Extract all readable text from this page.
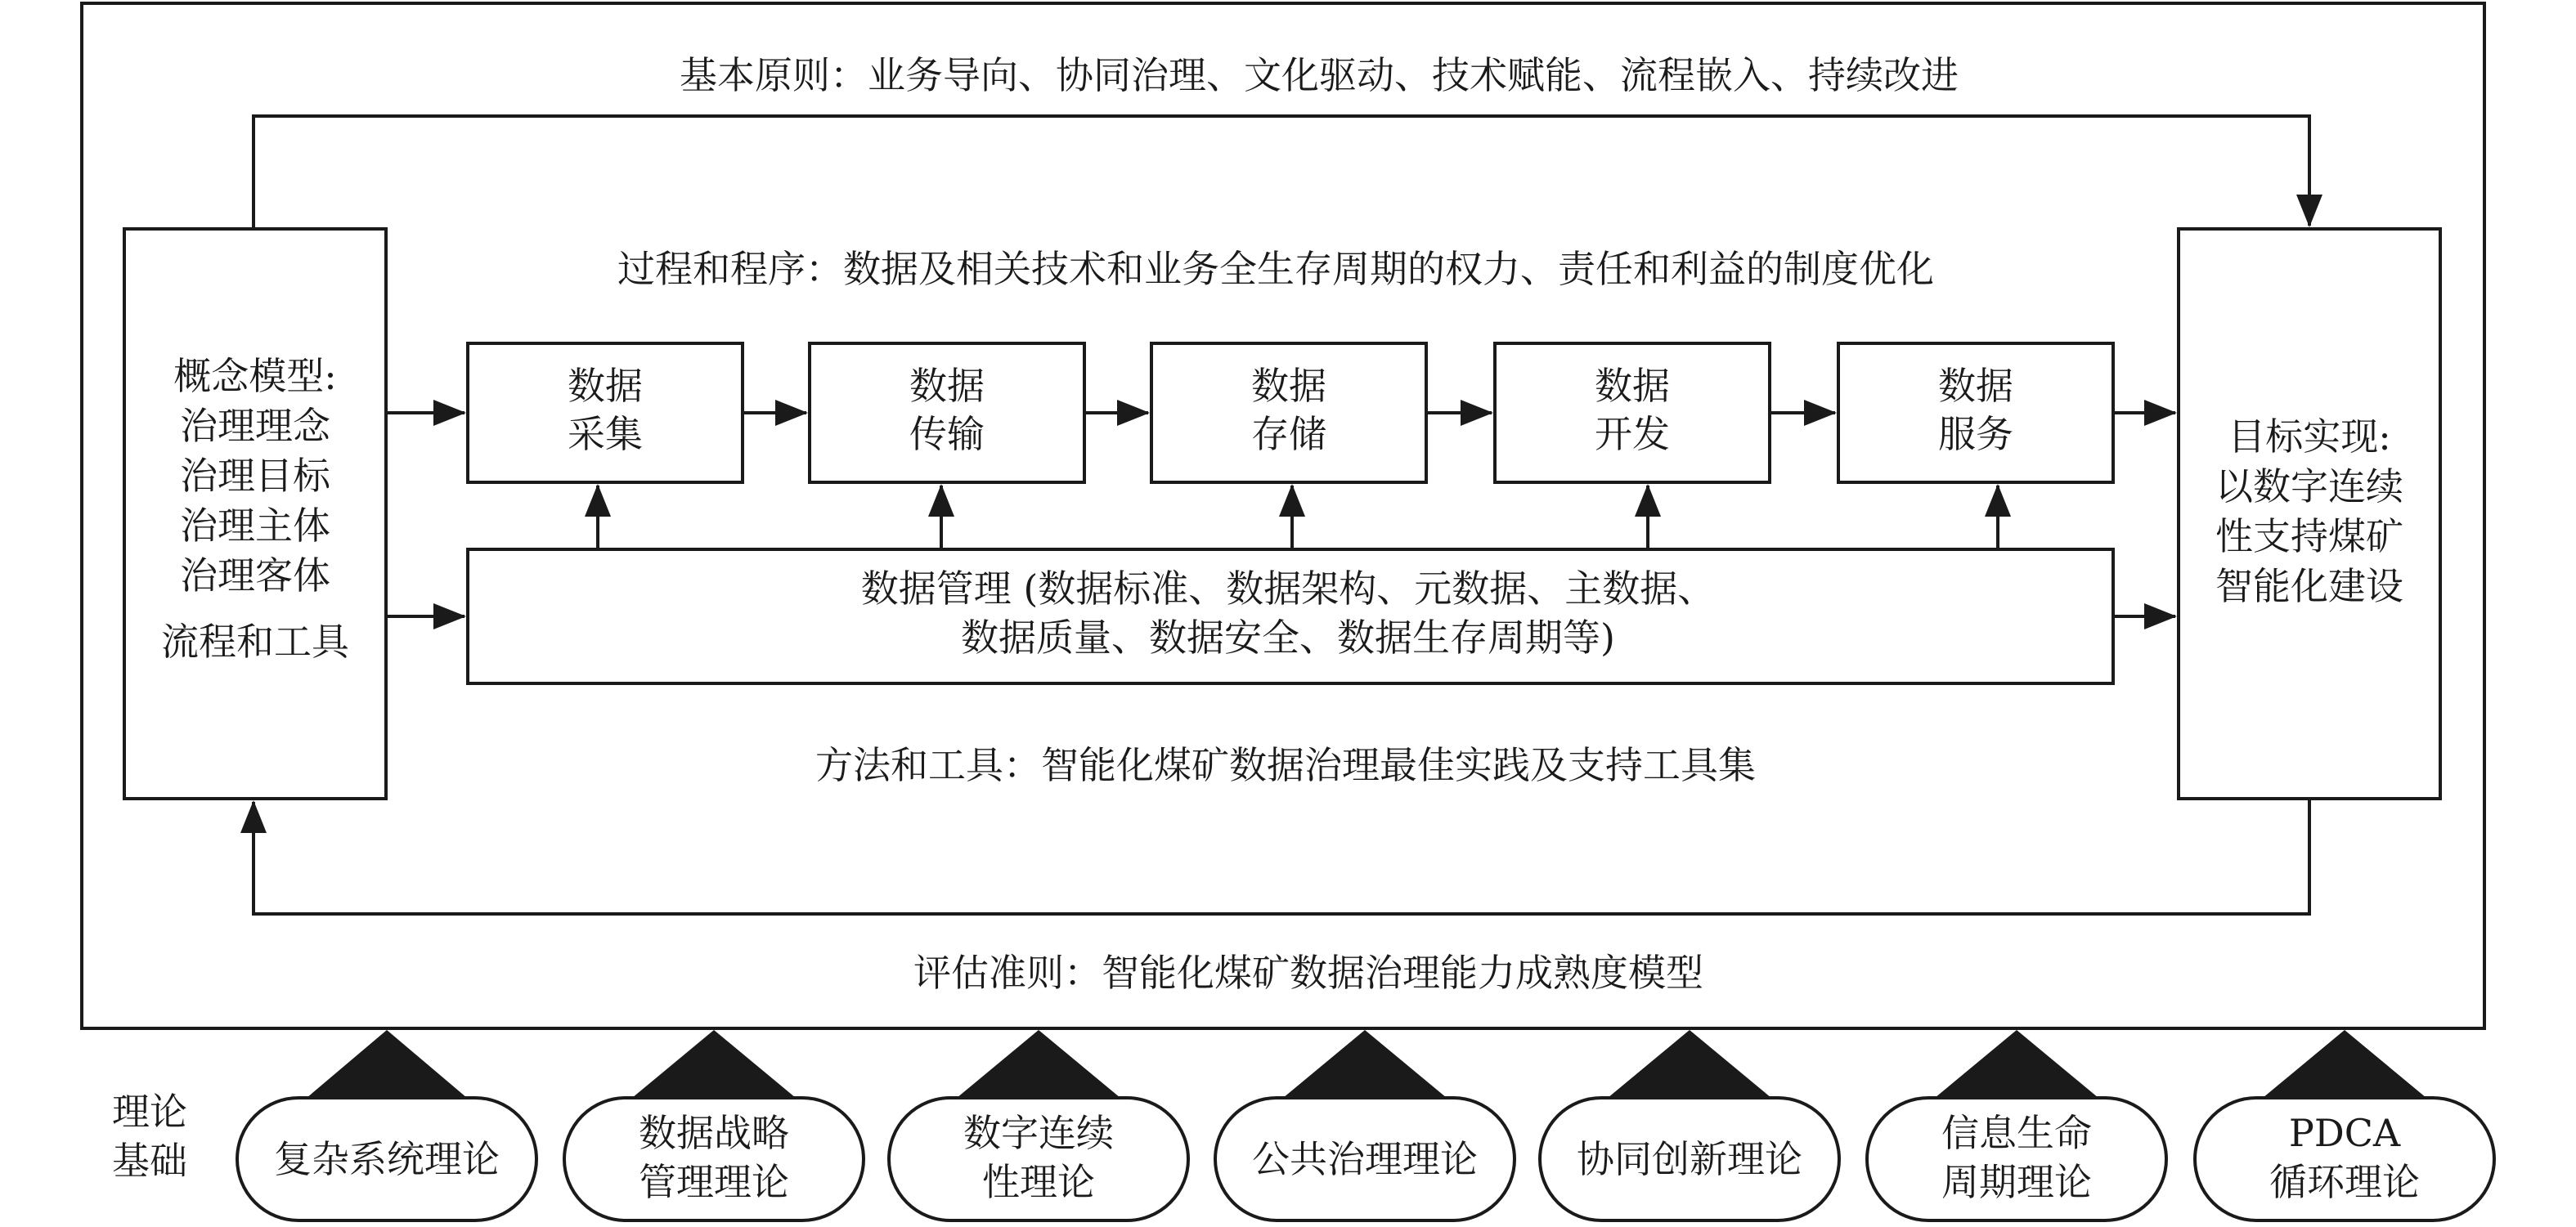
基本原则：业务导向、协同治理、文化驱动、技术赋能、流程嵌入、持续改进
过程和程序：数据及相关技术和业务全生存周期的权力、责任和利益的制度优化
概念模型:
治理理念
治理目标
治理主体
治理客体
流程和工具
目标实现:
以数字连续
性支持煤矿
智能化建设
数据
采集
数据
传输
数据
存储
数据
开发
数据
服务
数据管理 (数据标准、数据架构、元数据、主数据、
数据质量、数据安全、数据生存周期等)
方法和工具：智能化煤矿数据治理最佳实践及支持工具集
评估准则：智能化煤矿数据治理能力成熟度模型
理论
基础 复杂系统理论
数据战略
管理理论
数字连续
性理论
公共治理理论	协同创新理论
信息生命
周期理论
PDCA
循环理论
